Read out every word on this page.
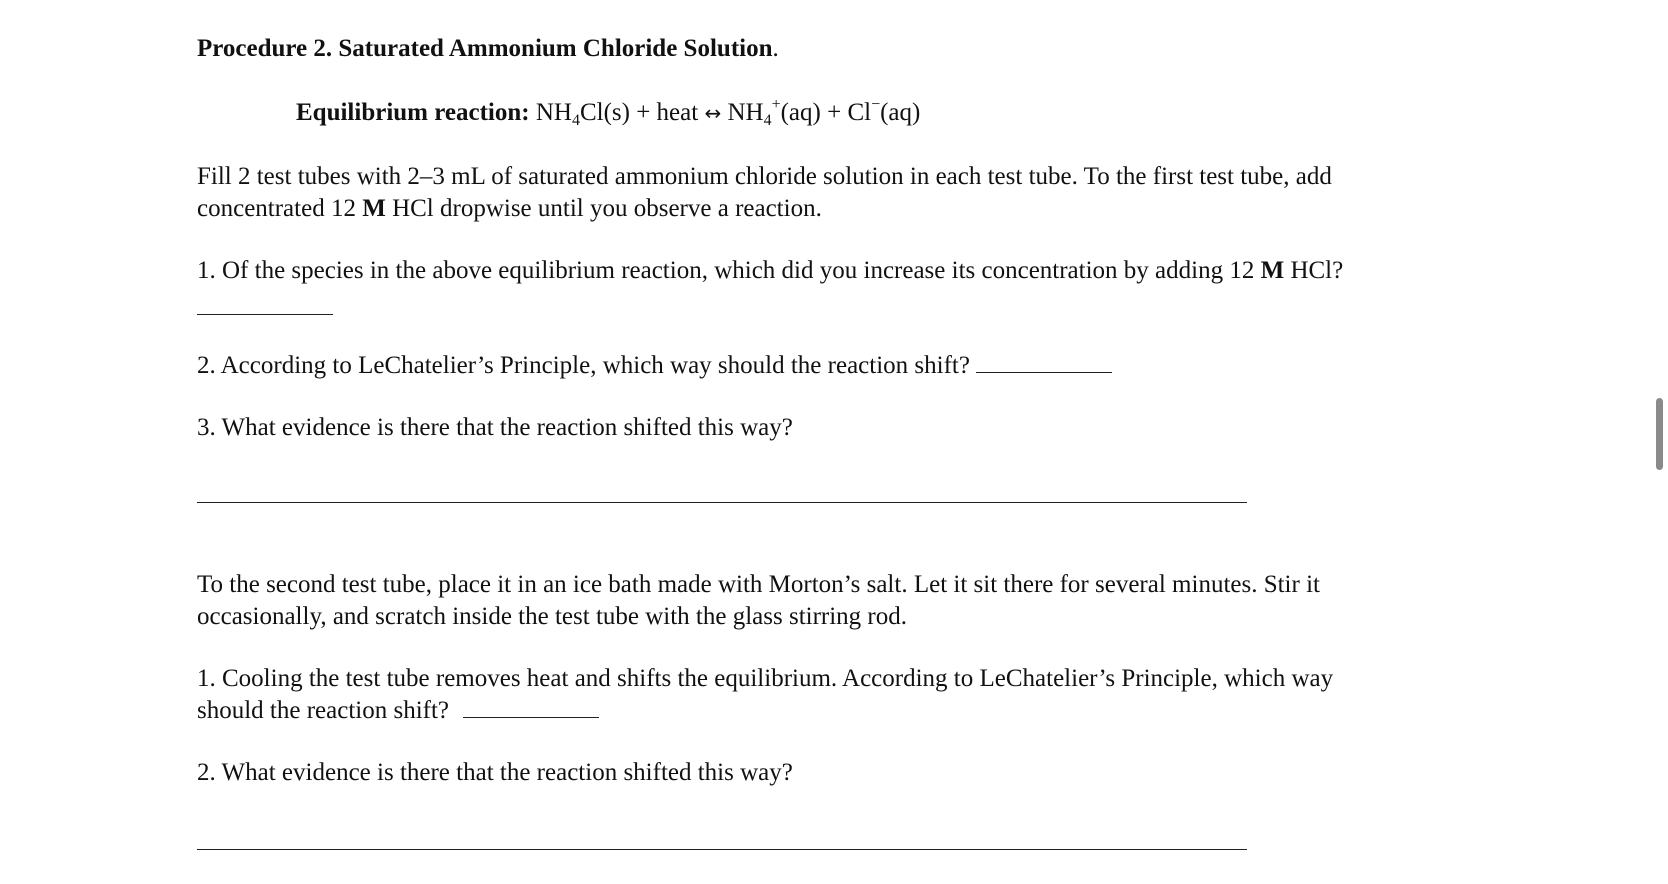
Procedure 2. Saturated Ammonium Chloride Solution.
Equilibrium reaction: $NH_4Cl(s)$ + heat ↔ $NH_4^+(aq) + Cl^-(aq)$
Fill 2 test tubes with 2–3 mL of saturated ammonium chloride solution in each test tube. To the first test tube, add
concentrated 12 M HCl dropwise until you observe a reaction.
1. Of the species in the above equilibrium reaction, which did you increase its concentration by adding 12 M HCl?
2. According to LeChatelier’s Principle, which way should the reaction shift?
3. What evidence is there that the reaction shifted this way?
To the second test tube, place it in an ice bath made with Morton’s salt. Let it sit there for several minutes. Stir it
occasionally, and scratch inside the test tube with the glass stirring rod.
1. Cooling the test tube removes heat and shifts the equilibrium. According to LeChatelier’s Principle, which way
should the reaction shift?
2. What evidence is there that the reaction shifted this way?
